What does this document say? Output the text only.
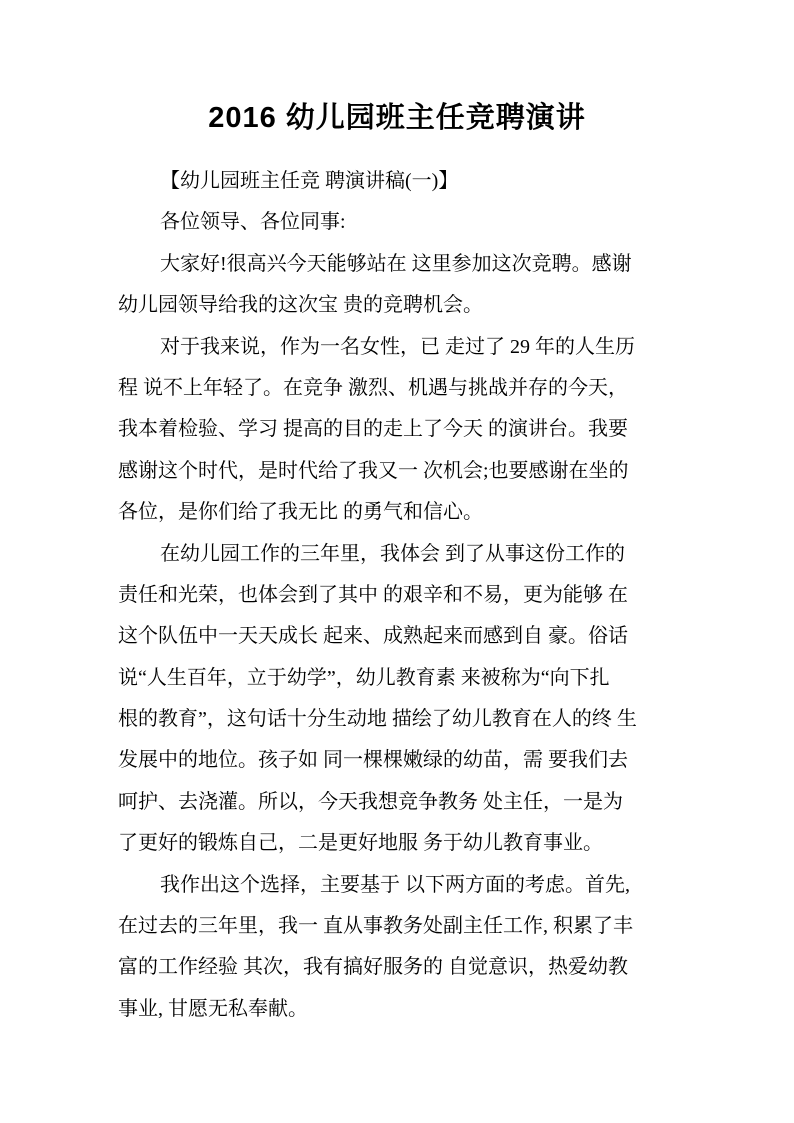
2016 幼儿园班主任竞聘演讲
【幼儿园班主任竞 聘演讲稿(一)】
各位领导、各位同事:
大家好!很高兴今天能够站在 这里参加这次竞聘。感谢
幼儿园领导给我的这次宝 贵的竞聘机会。
对于我来说，作为一名女性，已 走过了 29 年的人生历
程 说不上年轻了。在竞争 激烈、机遇与挑战并存的今天，
我本着检验、学习 提高的目的走上了今天 的演讲台。我要
感谢这个时代，是时代给了我又一 次机会;也要感谢在坐的
各位，是你们给了我无比 的勇气和信心。
在幼儿园工作的三年里，我体会 到了从事这份工作的
责任和光荣，也体会到了其中 的艰辛和不易，更为能够 在
这个队伍中一天天成长 起来、成熟起来而感到自 豪。俗话
说“人生百年，立于幼学”，幼儿教育素 来被称为“向下扎
根的教育”，这句话十分生动地 描绘了幼儿教育在人的终 生
发展中的地位。孩子如 同一棵棵嫩绿的幼苗，需 要我们去
呵护、去浇灌。所以，今天我想竞争教务 处主任，一是为
了更好的锻炼自己，二是更好地服 务于幼儿教育事业。
我作出这个选择，主要基于 以下两方面的考虑。首先,
在过去的三年里，我一 直从事教务处副主任工作, 积累了丰
富的工作经验 其次，我有搞好服务的 自觉意识，热爱幼教
事业, 甘愿无私奉献。
